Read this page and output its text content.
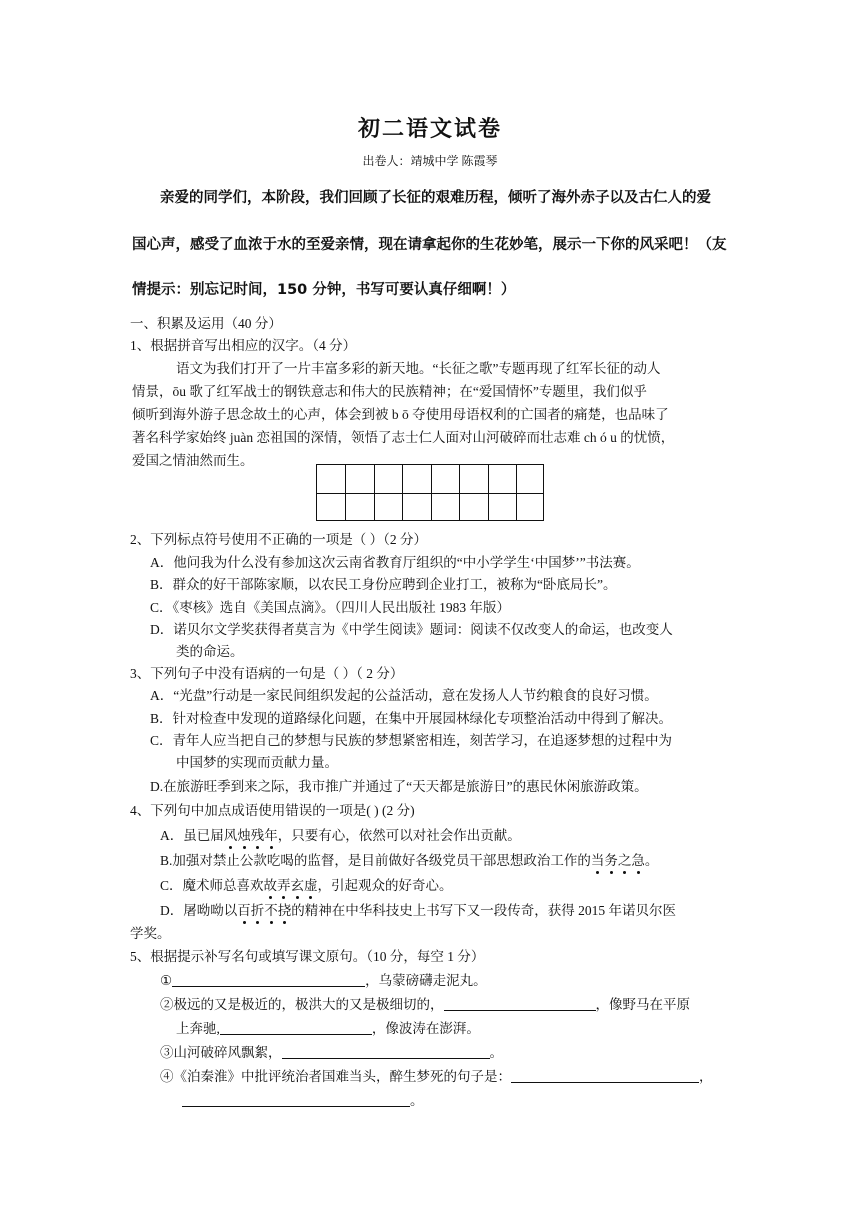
初二语文试卷
出卷人：靖城中学 陈霞琴
亲爱的同学们，本阶段，我们回顾了长征的艰难历程，倾听了海外赤子以及古仁人的爱
国心声，感受了血浓于水的至爱亲情，现在请拿起你的生花妙笔，展示一下你的风采吧！（友
情提示：别忘记时间，150 分钟，书写可要认真仔细啊！）
一、积累及运用（40 分）
1、根据拼音写出相应的汉字。（4 分）
语文为我们打开了一片丰富多彩的新天地。“长征之歌”专题再现了红军长征的动人
情景，ōu 歌了红军战士的钢铁意志和伟大的民族精神；在“爱国情怀”专题里，我们似乎
倾听到海外游子思念故土的心声，体会到被 b ō 夺使用母语权利的亡国者的痛楚，也品味了
著名科学家始终 juàn 恋祖国的深情，领悟了志士仁人面对山河破碎而壮志难 ch ó u 的忧愤，
爱国之情油然而生。
2、下列标点符号使用不正确的一项是（ ）（2 分）
A．他问我为什么没有参加这次云南省教育厅组织的“中小学学生‘中国梦’”书法赛。
B．群众的好干部陈家顺，以农民工身份应聘到企业打工，被称为“卧底局长”。
C．《枣核》选自《美国点滴》。（四川人民出版社 1983 年版）
D．诺贝尔文学奖获得者莫言为《中学生阅读》题词：阅读不仅改变人的命运，也改变人
类的命运。
3、下列句子中没有语病的一句是（ ）（ 2 分）
A．“光盘”行动是一家民间组织发起的公益活动，意在发扬人人节约粮食的良好习惯。
B．针对检查中发现的道路绿化问题，在集中开展园林绿化专项整治活动中得到了解决。
C．青年人应当把自己的梦想与民族的梦想紧密相连，刻苦学习，在追逐梦想的过程中为
中国梦的实现而贡献力量。
D.在旅游旺季到来之际，我市推广并通过了“天天都是旅游日”的惠民休闲旅游政策。
4、下列句中加点成语使用错误的一项是( ) (2 分)
A．虽已届风烛残年，只要有心，依然可以对社会作出贡献。
B.加强对禁止公款吃喝的监督，是目前做好各级党员干部思想政治工作的当务之急。
C．魔术师总喜欢故弄玄虚，引起观众的好奇心。
D．屠呦呦以百折不挠的精神在中华科技史上书写下又一段传奇，获得 2015 年诺贝尔医
学奖。
5、根据提示补写名句或填写课文原句。（10 分，每空 1 分）
①	，乌蒙磅礴走泥丸。
②极远的又是极近的，极洪大的又是极细切的，	，像野马在平原
上奔驰,	，像波涛在澎湃。
③山河破碎风飘絮，	。
④《泊秦淮》中批评统治者国难当头，醉生梦死的句子是：	，
。
